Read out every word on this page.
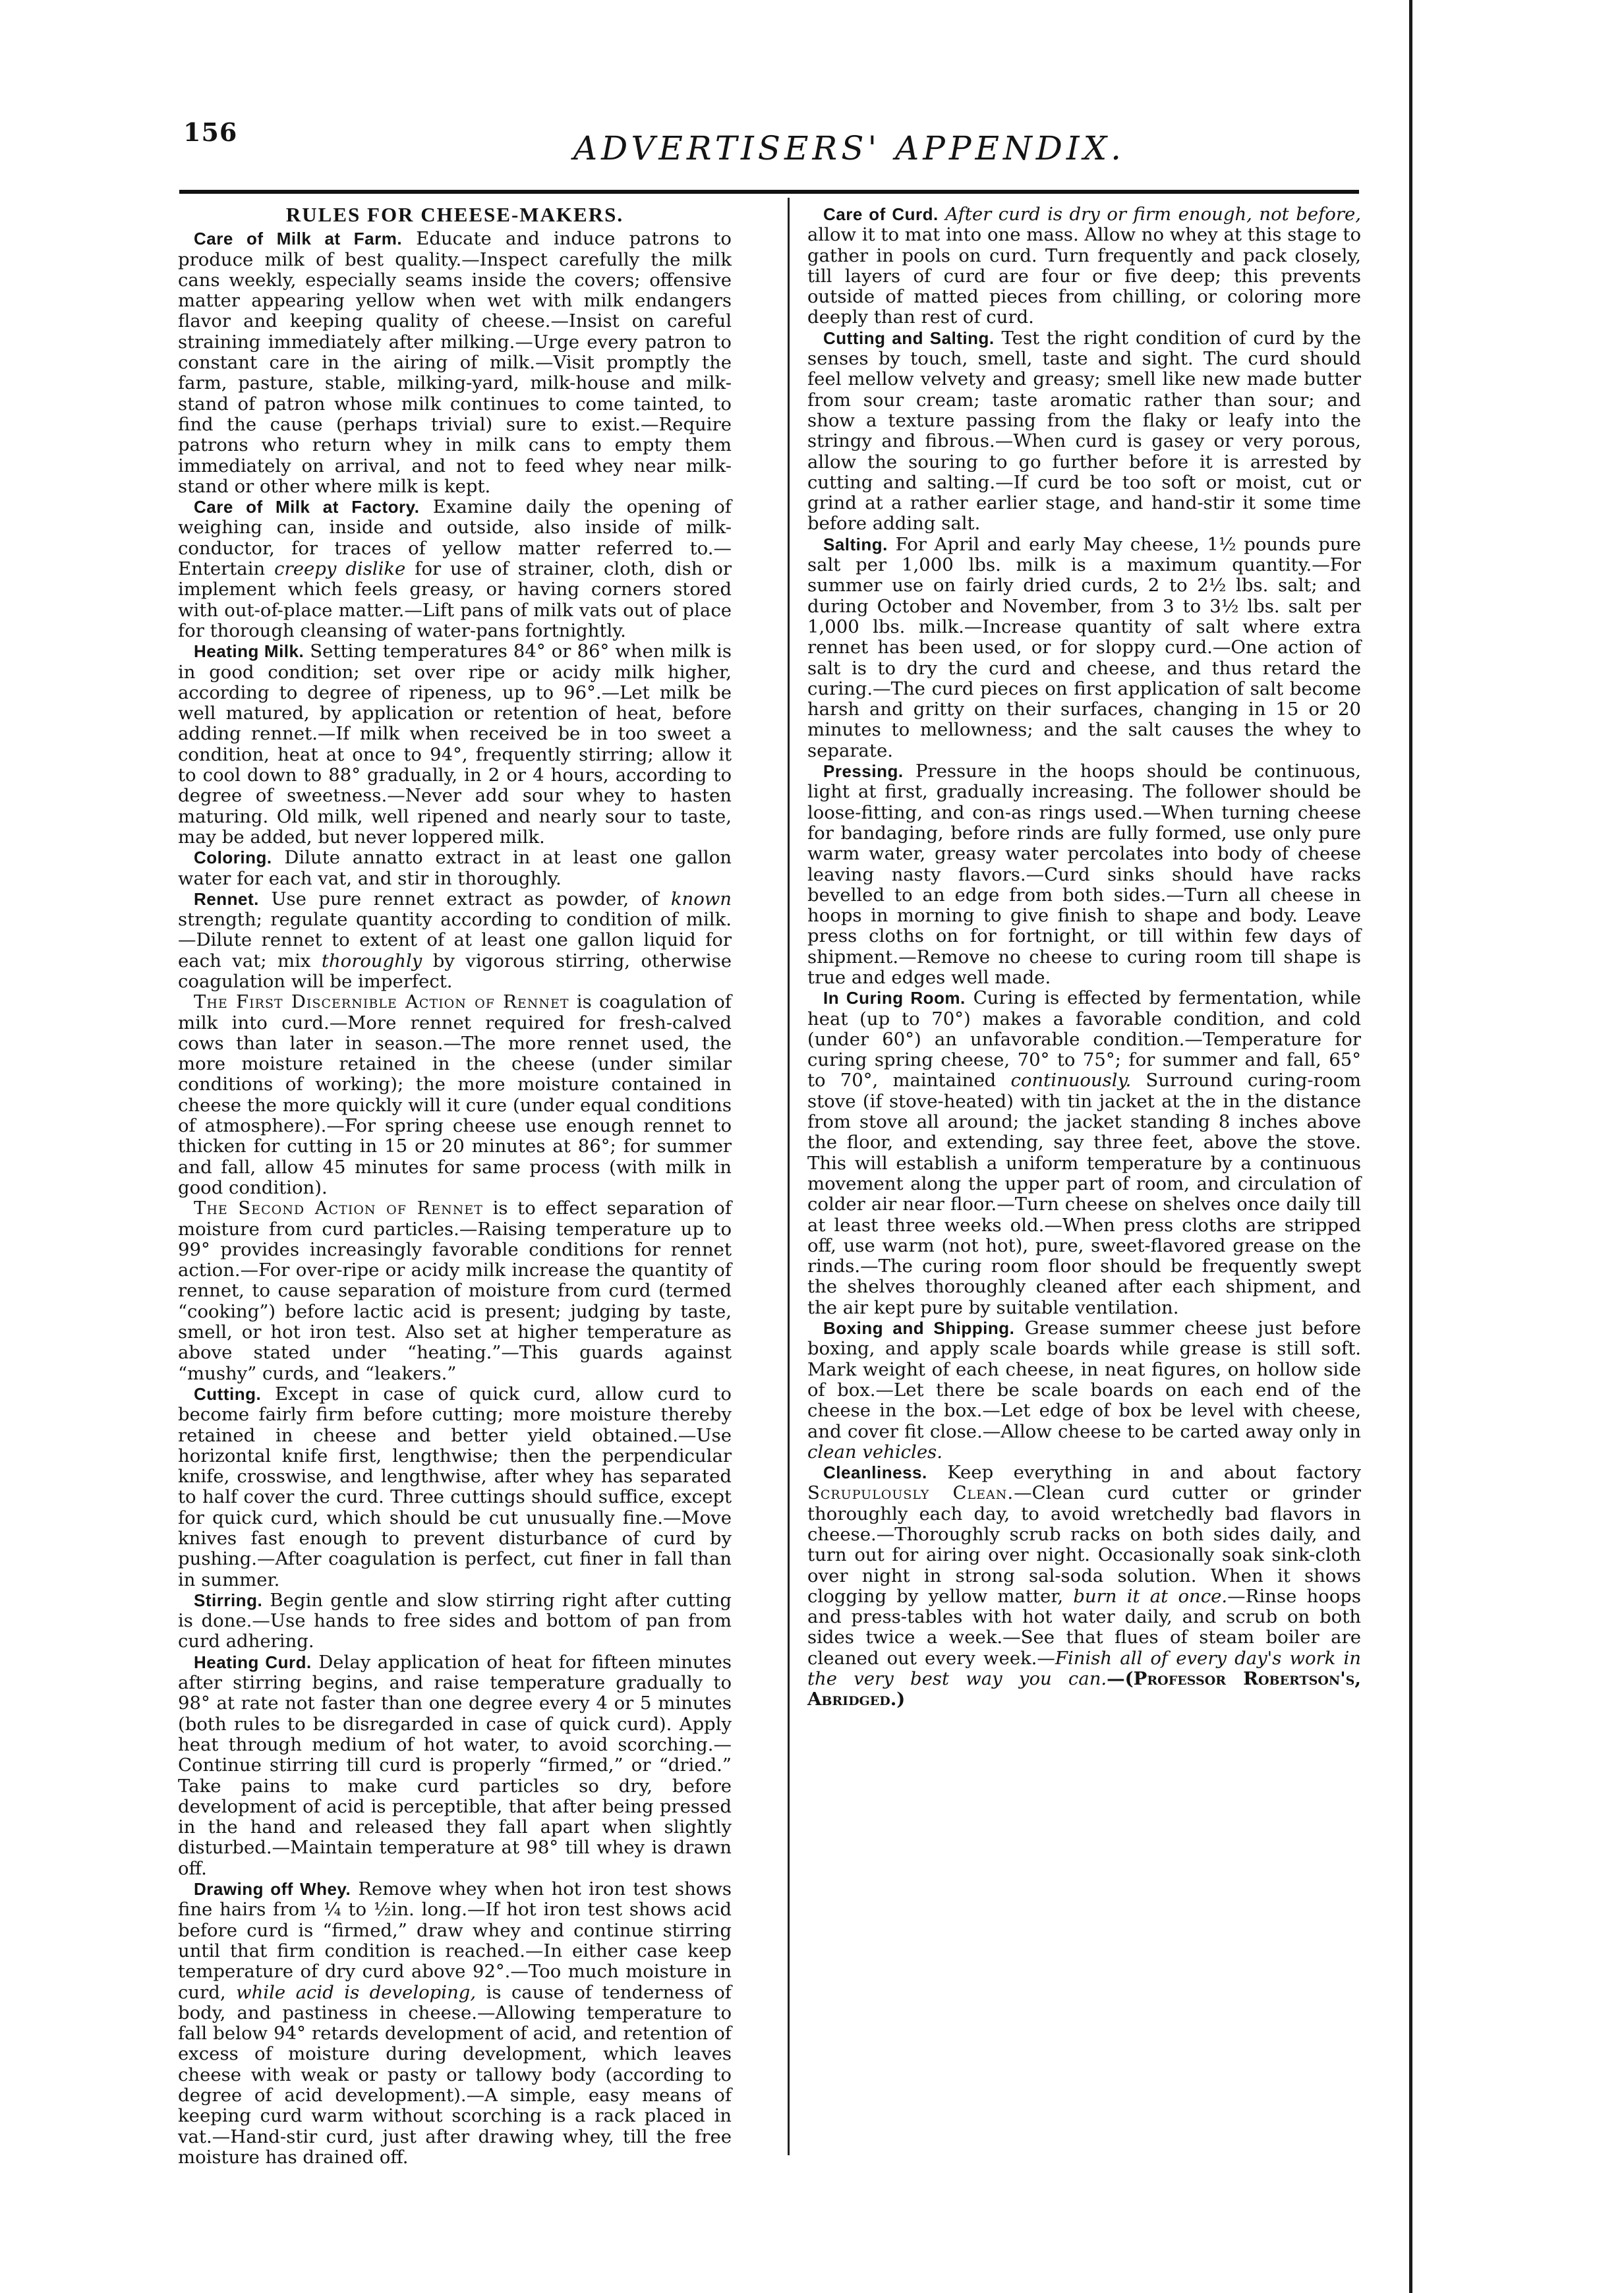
156	ADVERTISERS' APPENDIX.
RULES FOR CHEESE-MAKERS.

Care of Milk at Farm. Educate and induce patrons to produce milk of best quality.—Inspect carefully the milk cans weekly, especially seams inside the covers; offensive matter appearing yellow when wet with milk endangers flavor and keeping quality of cheese.—Insist on careful straining immediately after milking.—Urge every patron to constant care in the airing of milk.—Visit promptly the farm, pasture, stable, milking-yard, milk-house and milk-stand of patron whose milk continues to come tainted, to find the cause (perhaps trivial) sure to exist.—Require patrons who return whey in milk cans to empty them immediately on arrival, and not to feed whey near milk-stand or other where milk is kept.

Care of Milk at Factory. Examine daily the opening of weighing can, inside and outside, also inside of milk-conductor, for traces of yellow matter referred to.—Entertain creepy dislike for use of strainer, cloth, dish or implement which feels greasy, or having corners stored with out-of-place matter.—Lift pans of milk vats out of place for thorough cleansing of water-pans fortnightly.

Heating Milk. Setting temperatures 84° or 86° when milk is in good condition; set over ripe or acidy milk higher, according to degree of ripeness, up to 96°.—Let milk be well matured, by application or retention of heat, before adding rennet.—If milk when received be in too sweet a condition, heat at once to 94°, frequently stirring; allow it to cool down to 88° gradually, in 2 or 4 hours, according to degree of sweetness.—Never add sour whey to hasten maturing. Old milk, well ripened and nearly sour to taste, may be added, but never loppered milk.

Coloring. Dilute annatto extract in at least one gallon water for each vat, and stir in thoroughly.

Rennet. Use pure rennet extract as powder, of known strength; regulate quantity according to condition of milk.—Dilute rennet to extent of at least one gallon liquid for each vat; mix thoroughly by vigorous stirring, otherwise coagulation will be imperfect.

The First Discernible Action of Rennet is coagulation of milk into curd.—More rennet required for fresh-calved cows than later in season.—The more rennet used, the more moisture retained in the cheese (under similar conditions of working); the more moisture contained in cheese the more quickly will it cure (under equal conditions of atmosphere).—For spring cheese use enough rennet to thicken for cutting in 15 or 20 minutes at 86°; for summer and fall, allow 45 minutes for same process (with milk in good condition).

The Second Action of Rennet is to effect separation of moisture from curd particles.—Raising temperature up to 99° provides increasingly favorable conditions for rennet action.—For over-ripe or acidy milk increase the quantity of rennet, to cause separation of moisture from curd (termed “cooking”) before lactic acid is present; judging by taste, smell, or hot iron test. Also set at higher temperature as above stated under “heating.”—This guards against “mushy” curds, and “leakers.”

Cutting. Except in case of quick curd, allow curd to become fairly firm before cutting; more moisture thereby retained in cheese and better yield obtained.—Use horizontal knife first, lengthwise; then the perpendicular knife, crosswise, and lengthwise, after whey has separated to half cover the curd. Three cuttings should suffice, except for quick curd, which should be cut unusually fine.—Move knives fast enough to prevent disturbance of curd by pushing.—After coagulation is perfect, cut finer in fall than in summer.

Stirring. Begin gentle and slow stirring right after cutting is done.—Use hands to free sides and bottom of pan from curd adhering.

Heating Curd. Delay application of heat for fifteen minutes after stirring begins, and raise temperature gradually to 98° at rate not faster than one degree every 4 or 5 minutes (both rules to be disregarded in case of quick curd). Apply heat through medium of hot water, to avoid scorching.—Continue stirring till curd is properly “firmed,” or “dried.” Take pains to make curd particles so dry, before development of acid is perceptible, that after being pressed in the hand and released they fall apart when slightly disturbed.—Maintain temperature at 98° till whey is drawn off.

Drawing off Whey. Remove whey when hot iron test shows fine hairs from ¼ to ½in. long.—If hot iron test shows acid before curd is “firmed,” draw whey and continue stirring until that firm condition is reached.—In either case keep temperature of dry curd above 92°.—Too much moisture in curd, while acid is developing, is cause of tenderness of body, and pastiness in cheese.—Allowing temperature to fall below 94° retards development of acid, and retention of excess of moisture during development, which leaves cheese with weak or pasty or tallowy body (according to degree of acid development).—A simple, easy means of keeping curd warm without scorching is a rack placed in vat.—Hand-stir curd, just after drawing whey, till the free moisture has drained off.

Care of Curd. After curd is dry or firm enough, not before, allow it to mat into one mass. Allow no whey at this stage to gather in pools on curd. Turn frequently and pack closely, till layers of curd are four or five deep; this prevents outside of matted pieces from chilling, or coloring more deeply than rest of curd.

Cutting and Salting. Test the right condition of curd by the senses by touch, smell, taste and sight. The curd should feel mellow velvety and greasy; smell like new made butter from sour cream; taste aromatic rather than sour; and show a texture passing from the flaky or leafy into the stringy and fibrous.—When curd is gasey or very porous, allow the souring to go further before it is arrested by cutting and salting.—If curd be too soft or moist, cut or grind at a rather earlier stage, and hand-stir it some time before adding salt.

Salting. For April and early May cheese, 1½ pounds pure salt per 1,000 lbs. milk is a maximum quantity.—For summer use on fairly dried curds, 2 to 2½ lbs. salt; and during October and November, from 3 to 3½ lbs. salt per 1,000 lbs. milk.—Increase quantity of salt where extra rennet has been used, or for sloppy curd.—One action of salt is to dry the curd and cheese, and thus retard the curing.—The curd pieces on first application of salt become harsh and gritty on their surfaces, changing in 15 or 20 minutes to mellowness; and the salt causes the whey to separate.

Pressing. Pressure in the hoops should be continuous, light at first, gradually increasing. The follower should be loose-fitting, and con-as rings used.—When turning cheese for bandaging, before rinds are fully formed, use only pure warm water, greasy water percolates into body of cheese leaving nasty flavors.—Curd sinks should have racks bevelled to an edge from both sides.—Turn all cheese in hoops in morning to give finish to shape and body. Leave press cloths on for fortnight, or till within few days of shipment.—Remove no cheese to curing room till shape is true and edges well made.

In Curing Room. Curing is effected by fermentation, while heat (up to 70°) makes a favorable condition, and cold (under 60°) an unfavorable condition.—Temperature for curing spring cheese, 70° to 75°; for summer and fall, 65° to 70°, maintained continuously. Surround curing-room stove (if stove-heated) with tin jacket at the in the distance from stove all around; the jacket standing 8 inches above the floor, and extending, say three feet, above the stove. This will establish a uniform temperature by a continuous movement along the upper part of room, and circulation of colder air near floor.—Turn cheese on shelves once daily till at least three weeks old.—When press cloths are stripped off, use warm (not hot), pure, sweet-flavored grease on the rinds.—The curing room floor should be frequently swept the shelves thoroughly cleaned after each shipment, and the air kept pure by suitable ventilation.

Boxing and Shipping. Grease summer cheese just before boxing, and apply scale boards while grease is still soft. Mark weight of each cheese, in neat figures, on hollow side of box.—Let there be scale boards on each end of the cheese in the box.—Let edge of box be level with cheese, and cover fit close.—Allow cheese to be carted away only in clean vehicles.

Cleanliness. Keep everything in and about factory Scrupulously Clean.—Clean curd cutter or grinder thoroughly each day, to avoid wretchedly bad flavors in cheese.—Thoroughly scrub racks on both sides daily, and turn out for airing over night. Occasionally soak sink-cloth over night in strong sal-soda solution. When it shows clogging by yellow matter, burn it at once.—Rinse hoops and press-tables with hot water daily, and scrub on both sides twice a week.—See that flues of steam boiler are cleaned out every week.—Finish all of every day's work in the very best way you can.—(Professor Robertson's, Abridged.)
